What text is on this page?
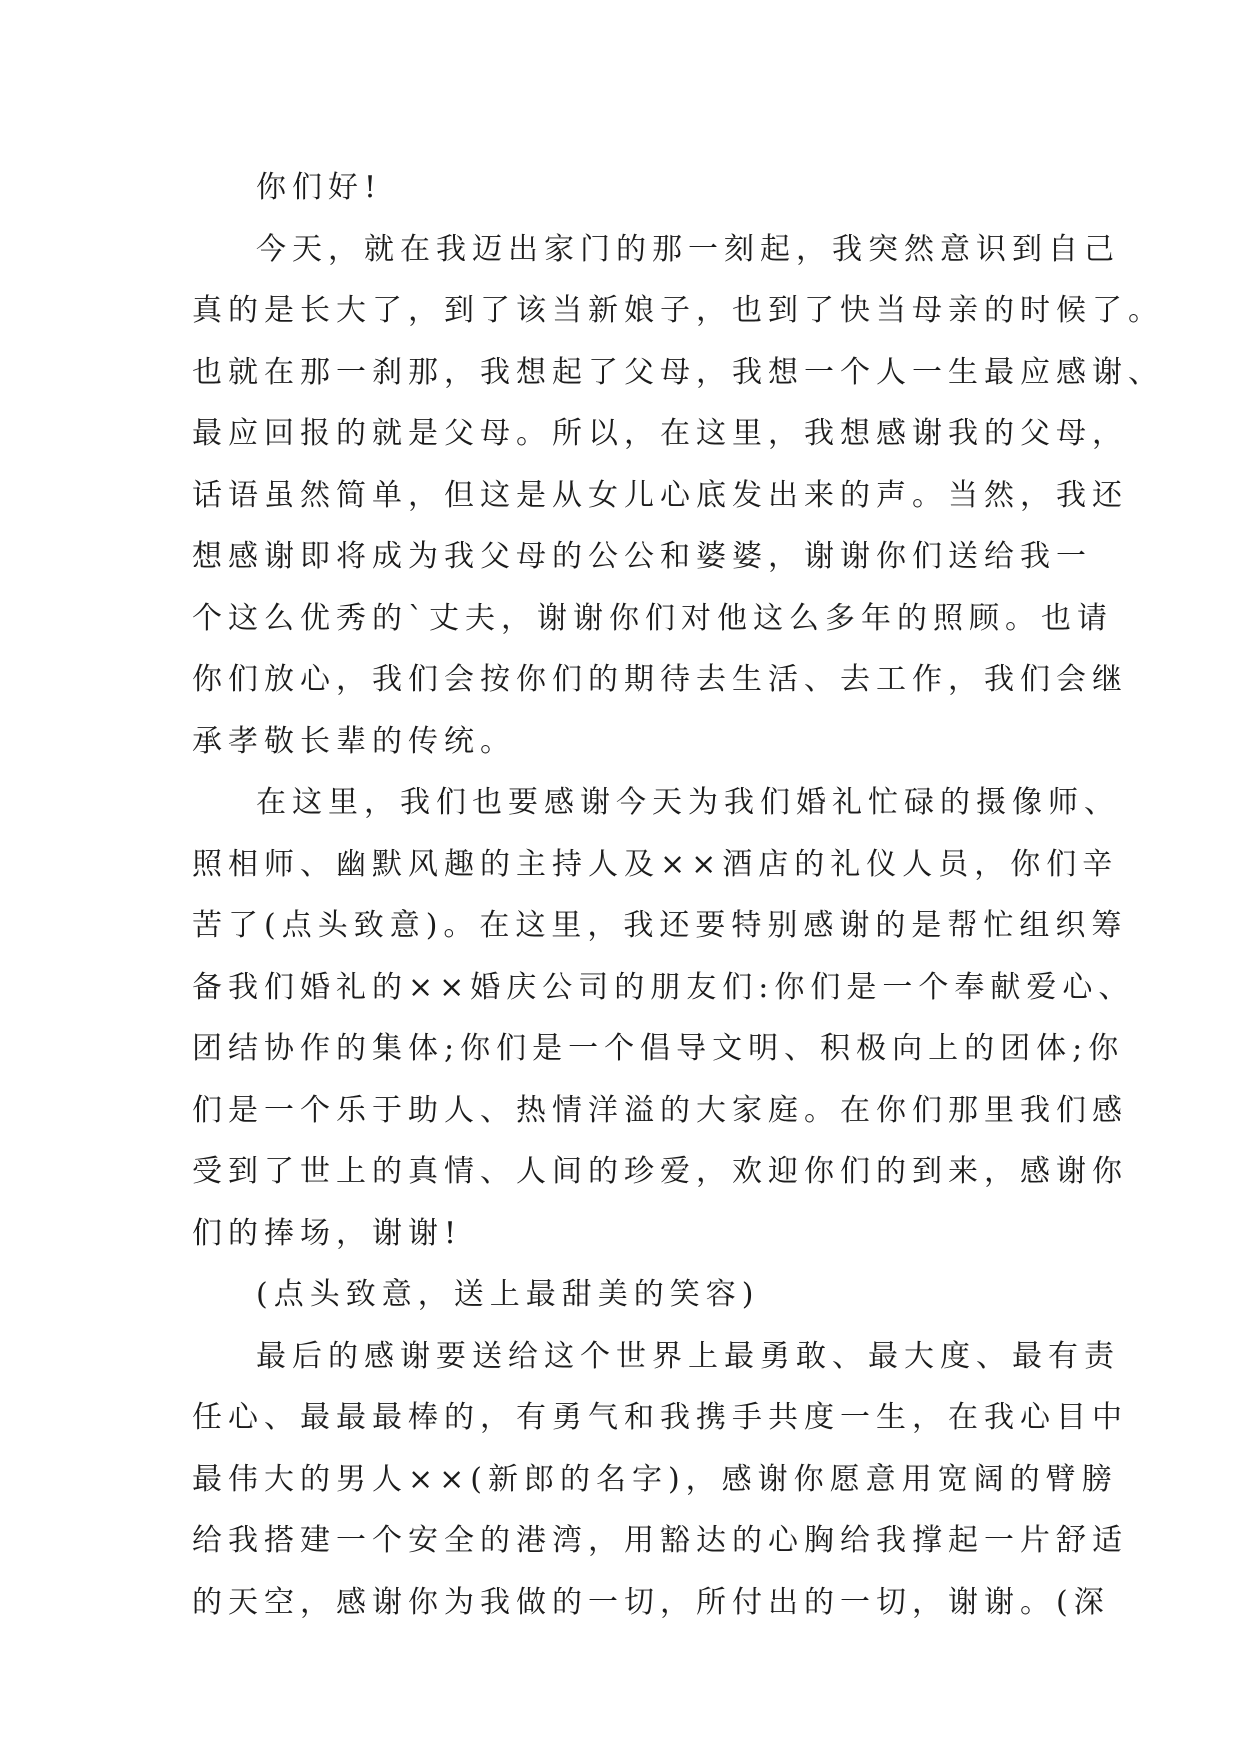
你们好!
今天，就在我迈出家门的那一刻起，我突然意识到自己
真的是长大了，到了该当新娘子，也到了快当母亲的时候了。
也就在那一刹那，我想起了父母，我想一个人一生最应感谢、
最应回报的就是父母。所以，在这里，我想感谢我的父母，
话语虽然简单，但这是从女儿心底发出来的声。当然，我还
想感谢即将成为我父母的公公和婆婆，谢谢你们送给我一
个这么优秀的`丈夫，谢谢你们对他这么多年的照顾。也请
你们放心，我们会按你们的期待去生活、去工作，我们会继
承孝敬长辈的传统。
在这里，我们也要感谢今天为我们婚礼忙碌的摄像师、
照相师、幽默风趣的主持人及××酒店的礼仪人员，你们辛
苦了(点头致意)。在这里，我还要特别感谢的是帮忙组织筹
备我们婚礼的××婚庆公司的朋友们:你们是一个奉献爱心、
团结协作的集体;你们是一个倡导文明、积极向上的团体;你
们是一个乐于助人、热情洋溢的大家庭。在你们那里我们感
受到了世上的真情、人间的珍爱，欢迎你们的到来，感谢你
们的捧场，谢谢!
(点头致意，送上最甜美的笑容)
最后的感谢要送给这个世界上最勇敢、最大度、最有责
任心、最最最棒的，有勇气和我携手共度一生，在我心目中
最伟大的男人××(新郎的名字)，感谢你愿意用宽阔的臂膀
给我搭建一个安全的港湾，用豁达的心胸给我撑起一片舒适
的天空，感谢你为我做的一切，所付出的一切，谢谢。(深
